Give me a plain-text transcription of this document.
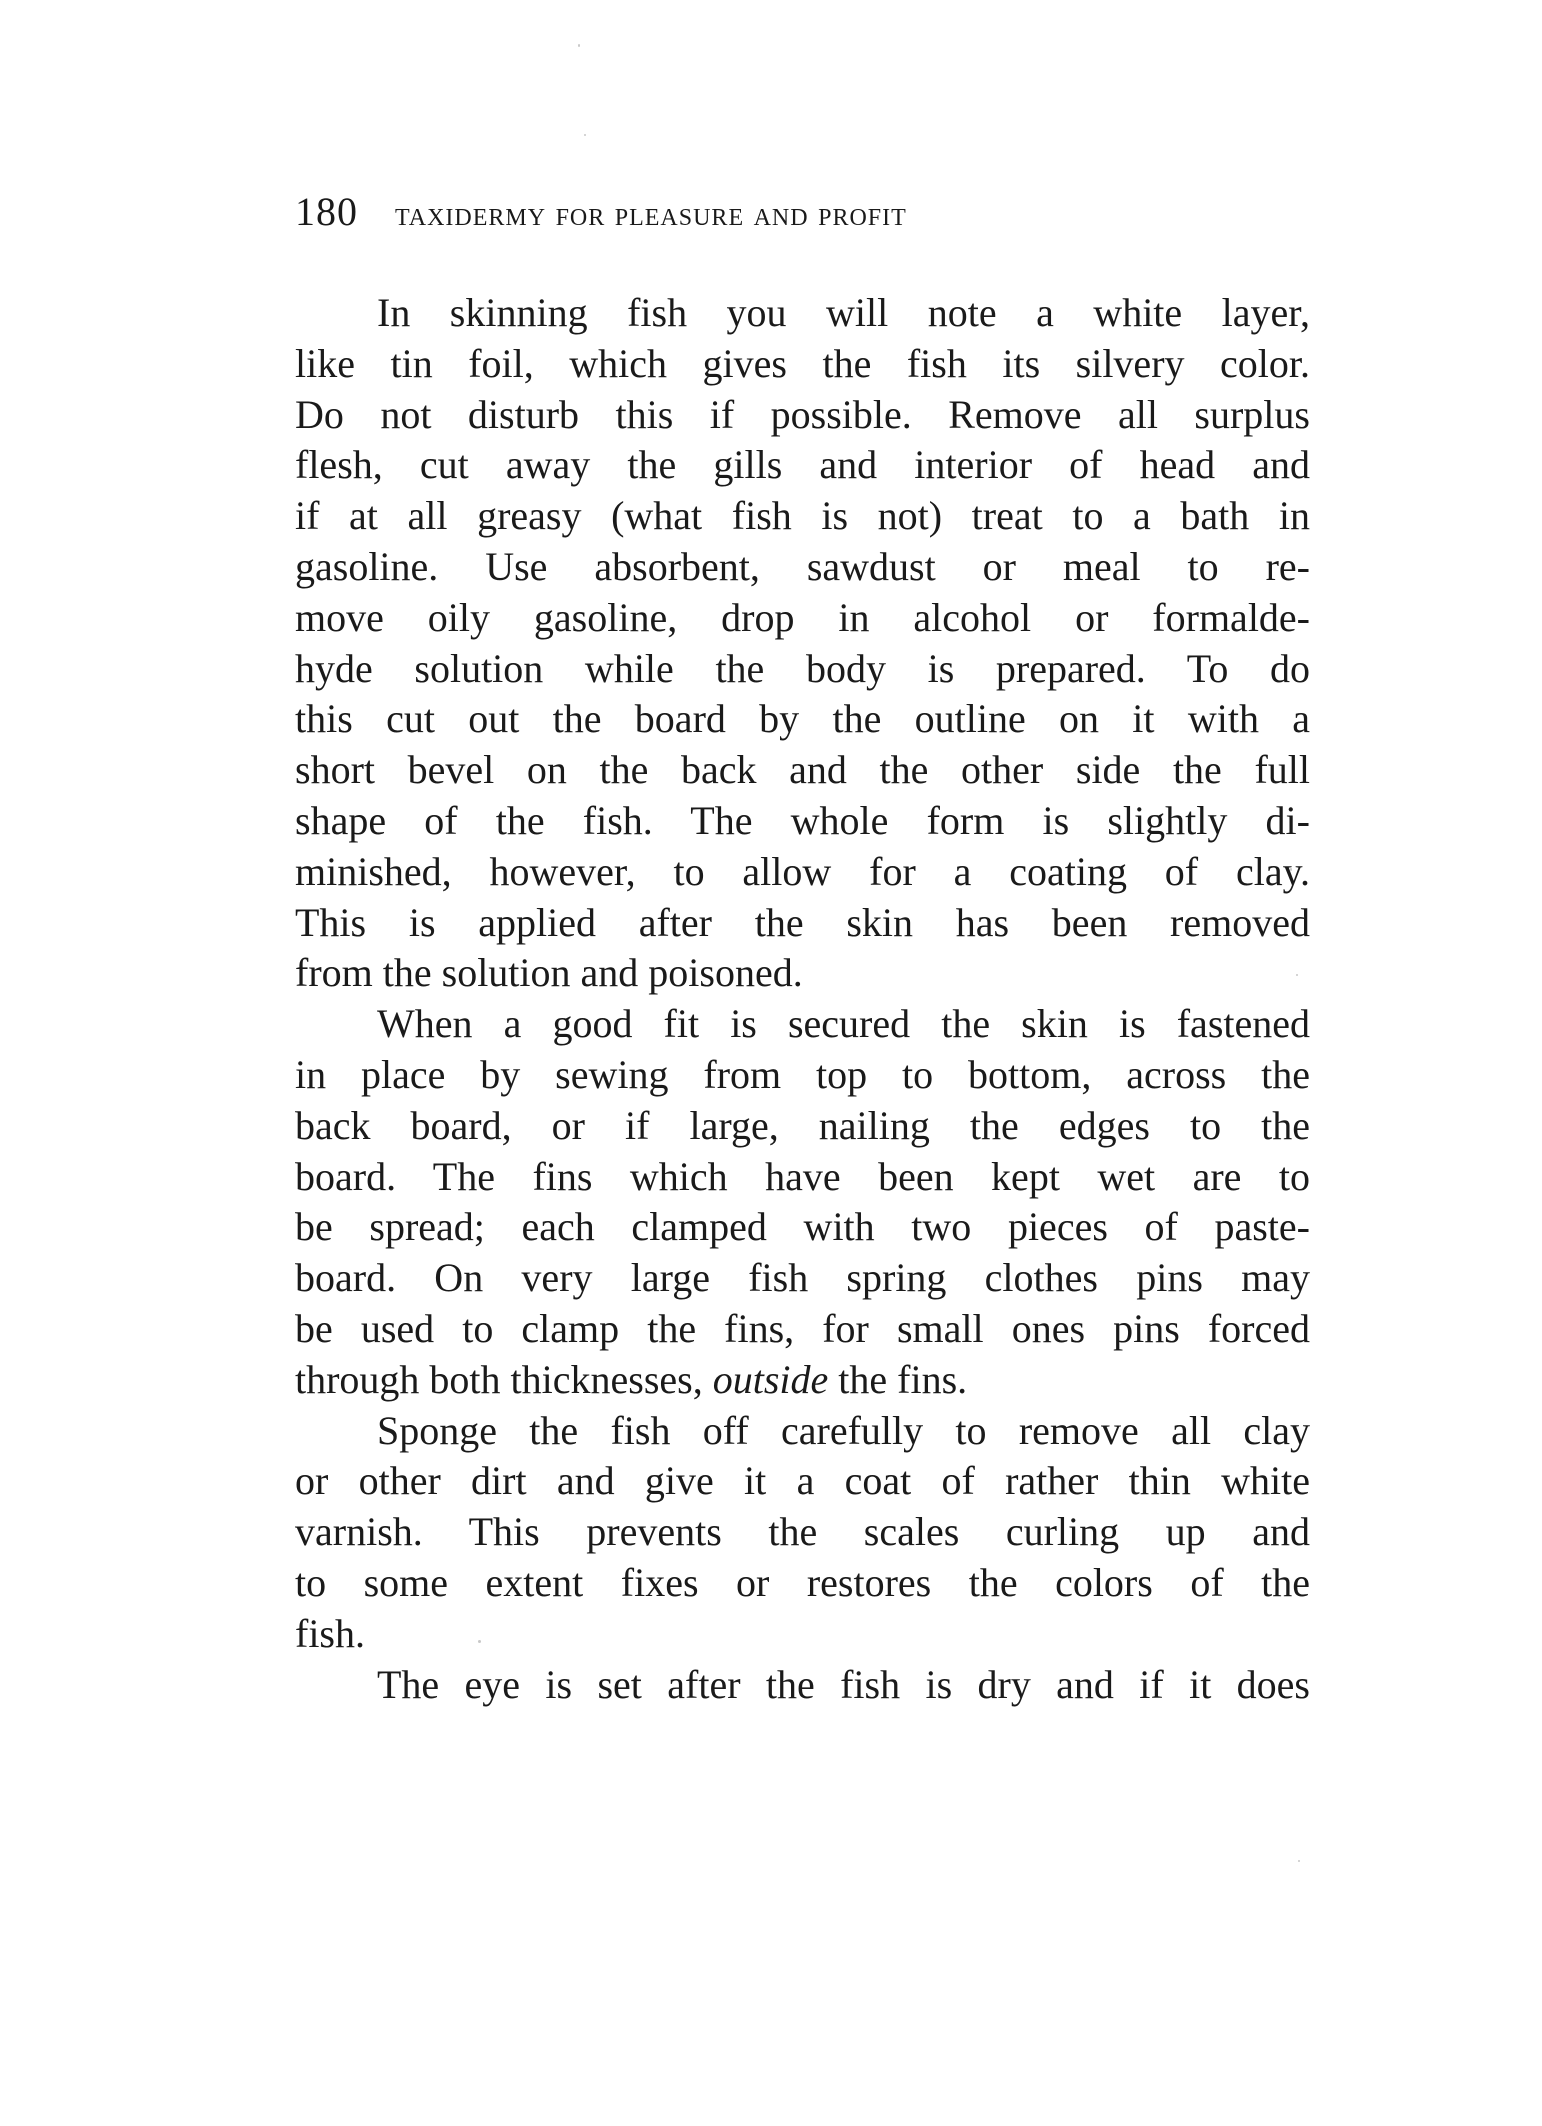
180 taxidermy for pleasure and profit
In skinning fish you will note a white layer,
like tin foil, which gives the fish its silvery color.
Do not disturb this if possible. Remove all surplus
flesh, cut away the gills and interior of head and
if at all greasy (what fish is not) treat to a bath in
gasoline. Use absorbent, sawdust or meal to re-
move oily gasoline, drop in alcohol or formalde-
hyde solution while the body is prepared. To do
this cut out the board by the outline on it with a
short bevel on the back and the other side the full
shape of the fish. The whole form is slightly di-
minished, however, to allow for a coating of clay.
This is applied after the skin has been removed
from the solution and poisoned.
When a good fit is secured the skin is fastened
in place by sewing from top to bottom, across the
back board, or if large, nailing the edges to the
board. The fins which have been kept wet are to
be spread; each clamped with two pieces of paste-
board. On very large fish spring clothes pins may
be used to clamp the fins, for small ones pins forced
through both thicknesses, outside the fins.
Sponge the fish off carefully to remove all clay
or other dirt and give it a coat of rather thin white
varnish. This prevents the scales curling up and
to some extent fixes or restores the colors of the
fish.
The eye is set after the fish is dry and if it does
